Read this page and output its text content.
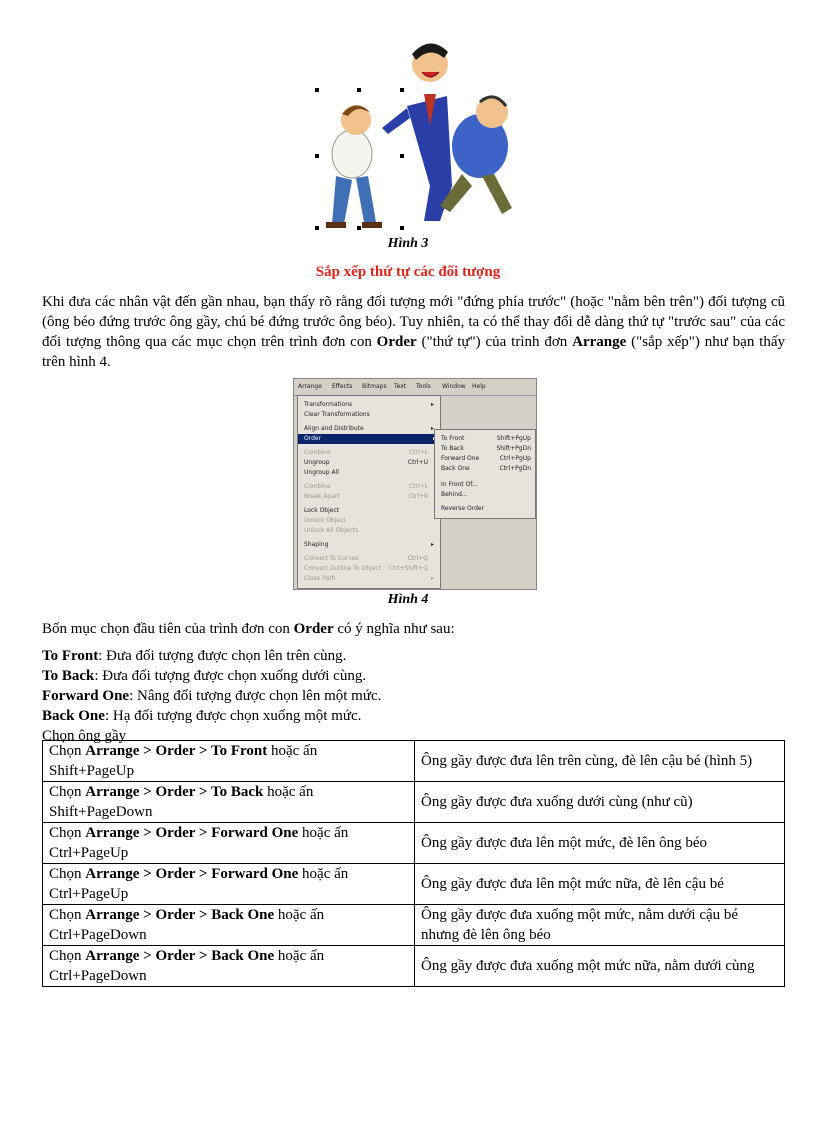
Hình 3
Sắp xếp thứ tự các đối tượng
Khi đưa các nhân vật đến gần nhau, bạn thấy rõ rằng đối tượng mới "đứng phía trước" (hoặc "nằm bên trên") đối tượng cũ (ông béo đứng trước ông gầy, chú bé đứng trước ông béo). Tuy nhiên, ta có thể thay đổi dễ dàng thứ tự "trước sau" của các đối tượng thông qua các mục chọn trên trình đơn con Order ("thứ tự") của trình đơn Arrange ("sắp xếp") như bạn thấy trên hình 4.
Arrange Effects Bitmaps Text Tools Window Help
Transformations	▸
Clear Transformations
Align and Distribute	▸
Order
Combine	Ctrl+L
Ungroup	Ctrl+U
Ungroup All
Combine	Ctrl+L
Break Apart	Ctrl+K
Lock Object
Unlock Object
Unlock All Objects
Shaping	▸
Convert To Curves	Ctrl+Q
Convert Outline To Object Ctrl+Shift+Q
Close Path	▸
To Front	Shift+PgUp
To Back	Shift+PgDn
Forward One	Ctrl+PgUp
Back One	Ctrl+PgDn
In Front Of...
Behind...
Reverse Order
Hình 4
Bốn mục chọn đầu tiên của trình đơn con Order có ý nghĩa như sau:
To Front: Đưa đối tượng được chọn lên trên cùng.
To Back: Đưa đối tượng được chọn xuống dưới cùng.
Forward One: Nâng đối tượng được chọn lên một mức.
Back One: Hạ đối tượng được chọn xuống một mức.
Chọn ông gầy
Chọn Arrange > Order > To Front hoặc ấn
Shift+PageUp	Ông gầy được đưa lên trên cùng, đè lên cậu bé (hình 5)
Chọn Arrange > Order > To Back hoặc ấn
Shift+PageDown	Ông gầy được đưa xuống dưới cùng (như cũ)
Chọn Arrange > Order > Forward One hoặc ấn
Ctrl+PageUp	Ông gầy được đưa lên một mức, đè lên ông béo
Chọn Arrange > Order > Forward One hoặc ấn
Ctrl+PageUp	Ông gầy được đưa lên một mức nữa, đè lên cậu bé
Chọn Arrange > Order > Back One hoặc ấn
Ctrl+PageDown	Ông gầy được đưa xuống một mức, nằm dưới cậu bé nhưng đè lên ông béo
Chọn Arrange > Order > Back One hoặc ấn
Ctrl+PageDown	Ông gầy được đưa xuống một mức nữa, nằm dưới cùng
